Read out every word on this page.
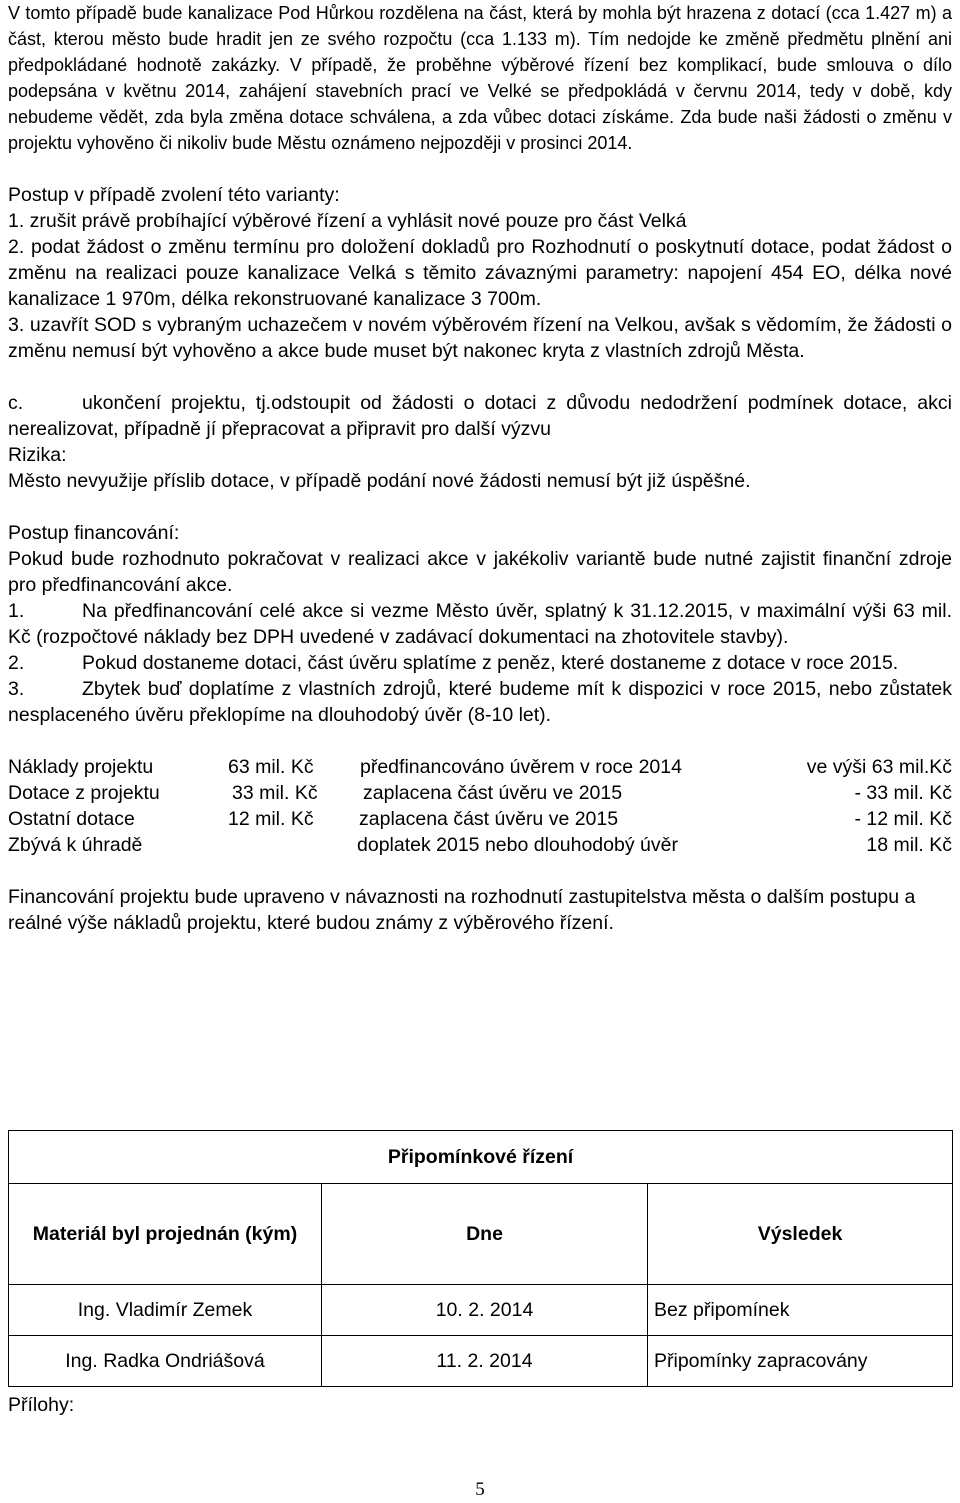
V tomto případě bude kanalizace Pod Hůrkou rozdělena na část, která by mohla být hrazena z dotací (cca 1.427 m) a část, kterou město bude hradit jen ze svého rozpočtu (cca 1.133 m). Tím nedojde ke změně předmětu plnění ani předpokládané hodnotě zakázky. V případě, že proběhne výběrové řízení bez komplikací, bude smlouva o dílo podepsána v květnu 2014, zahájení stavebních prací ve Velké se předpokládá v červnu 2014, tedy v době, kdy nebudeme vědět, zda byla změna dotace schválena, a zda vůbec dotaci získáme. Zda bude naši žádosti o změnu v projektu vyhověno či nikoliv bude Městu oznámeno nejpozději v prosinci 2014.

Postup v případě zvolení této varianty:

1. zrušit právě probíhající výběrové řízení a vyhlásit nové pouze pro část Velká

2. podat žádost o změnu termínu pro doložení dokladů pro Rozhodnutí o poskytnutí dotace, podat žádost o změnu na realizaci pouze kanalizace Velká s těmito závaznými parametry: napojení 454 EO, délka nové kanalizace 1 970m, délka rekonstruované kanalizace 3 700m.

3. uzavřít SOD s vybraným uchazečem v novém výběrovém řízení na Velkou, avšak s vědomím, že žádosti o změnu nemusí být vyhověno a akce bude muset být nakonec kryta z vlastních zdrojů Města.

c.	ukončení projektu, tj.odstoupit od žádosti o dotaci z důvodu nedodržení podmínek dotace, akci nerealizovat, případně jí přepracovat a připravit pro další výzvu

Rizika:

Město nevyužije příslib dotace, v případě podání nové žádosti nemusí být již úspěšné.

Postup financování:

Pokud bude rozhodnuto pokračovat v realizaci akce v jakékoliv variantě bude nutné zajistit finanční zdroje pro předfinancování akce.

1.	Na předfinancování celé akce si vezme Město úvěr, splatný k 31.12.2015, v maximální výši 63 mil. Kč (rozpočtové náklady bez DPH uvedené v zadávací dokumentaci na zhotovitele stavby).

2.	Pokud dostaneme dotaci, část úvěru splatíme z peněz, které dostaneme z dotace v roce 2015.

3.	Zbytek buď doplatíme z vlastních zdrojů, které budeme mít k dispozici v roce 2015, nebo zůstatek nesplaceného úvěru překlopíme na dlouhodobý úvěr (8-10 let).

Náklady projektu	63 mil. Kč předfinancováno úvěrem v roce 2014	ve výši 63 mil.Kč
Dotace z projektu	33 mil. Kč zaplacena část úvěru ve 2015	- 33 mil. Kč
Ostatní dotace	12 mil. Kč zaplacena část úvěru ve 2015	- 12 mil. Kč
Zbývá k úhradě	doplatek 2015 nebo dlouhodobý úvěr	18 mil. Kč

Financování projektu bude upraveno v návaznosti na rozhodnutí zastupitelstva města o dalším postupu a reálné výše nákladů projektu, které budou známy z výběrového řízení.

Připomínkové řízení		
Materiál byl projednán (kým)	Dne	Výsledek
Ing. Vladimír Zemek	10. 2. 2014	Bez připomínek
Ing. Radka Ondriášová	11. 2. 2014	Připomínky zapracovány
Přílohy:
5
